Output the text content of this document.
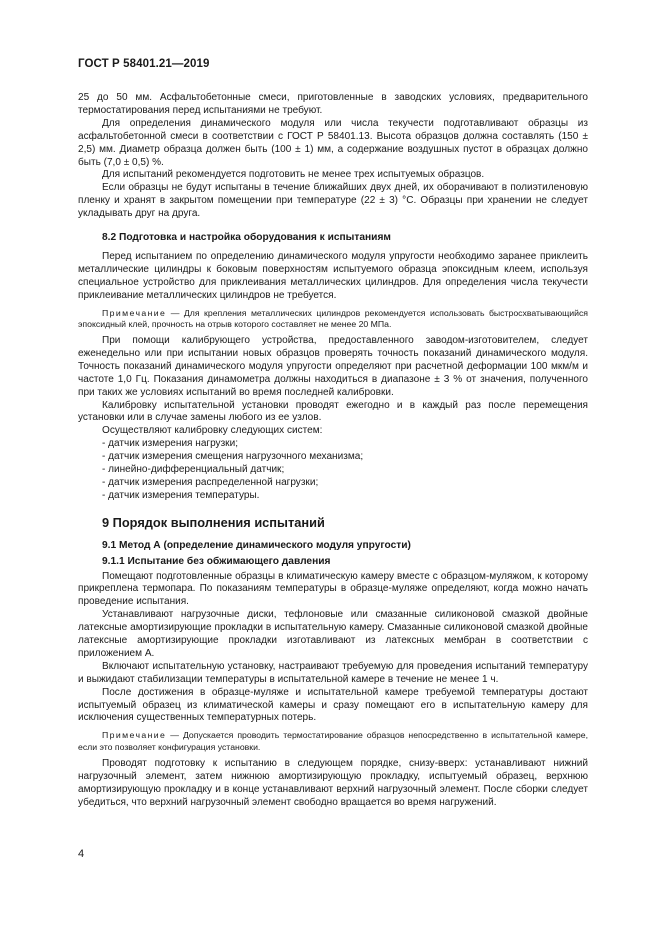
ГОСТ Р 58401.21—2019

25 до 50 мм. Асфальтобетонные смеси, приготовленные в заводских условиях, предварительного термостатирования перед испытаниями не требуют.

Для определения динамического модуля или числа текучести подготавливают образцы из асфальтобетонной смеси в соответствии с ГОСТ Р 58401.13. Высота образцов должна составлять (150 ± 2,5) мм. Диаметр образца должен быть (100 ± 1) мм, а содержание воздушных пустот в образцах должно быть (7,0 ± 0,5) %.

Для испытаний рекомендуется подготовить не менее трех испытуемых образцов.

Если образцы не будут испытаны в течение ближайших двух дней, их оборачивают в полиэтиленовую пленку и хранят в закрытом помещении при температуре (22 ± 3) °С. Образцы при хранении не следует укладывать друг на друга.

8.2 Подготовка и настройка оборудования к испытаниям

Перед испытанием по определению динамического модуля упругости необходимо заранее приклеить металлические цилиндры к боковым поверхностям испытуемого образца эпоксидным клеем, используя специальное устройство для приклеивания металлических цилиндров. Для определения числа текучести приклеивание металлических цилиндров не требуется.

Примечание — Для крепления металлических цилиндров рекомендуется использовать быстросхватывающийся эпоксидный клей, прочность на отрыв которого составляет не менее 20 МПа.

При помощи калибрующего устройства, предоставленного заводом-изготовителем, следует еженедельно или при испытании новых образцов проверять точность показаний динамического модуля. Точность показаний динамического модуля упругости определяют при расчетной деформации 100 мкм/м и частоте 1,0 Гц. Показания динамометра должны находиться в диапазоне ± 3 % от значения, полученного при таких же условиях испытаний во время последней калибровки.

Калибровку испытательной установки проводят ежегодно и в каждый раз после перемещения установки или в случае замены любого из ее узлов.

Осуществляют калибровку следующих систем:

- датчик измерения нагрузки;
- датчик измерения смещения нагрузочного механизма;
- линейно-дифференциальный датчик;
- датчик измерения распределенной нагрузки;
- датчик измерения температуры.

9 Порядок выполнения испытаний

9.1 Метод А (определение динамического модуля упругости)

9.1.1 Испытание без обжимающего давления

Помещают подготовленные образцы в климатическую камеру вместе с образцом-муляжом, к которому прикреплена термопара. По показаниям температуры в образце-муляже определяют, когда можно начать проведение испытания.

Устанавливают нагрузочные диски, тефлоновые или смазанные силиконовой смазкой двойные латексные амортизирующие прокладки в испытательную камеру. Смазанные силиконовой смазкой двойные латексные амортизирующие прокладки изготавливают из латексных мембран в соответствии с приложением А.

Включают испытательную установку, настраивают требуемую для проведения испытаний температуру и выжидают стабилизации температуры в испытательной камере в течение не менее 1 ч.

После достижения в образце-муляже и испытательной камере требуемой температуры достают испытуемый образец из климатической камеры и сразу помещают его в испытательную камеру для исключения существенных температурных потерь.

Примечание — Допускается проводить термостатирование образцов непосредственно в испытательной камере, если это позволяет конфигурация установки.

Проводят подготовку к испытанию в следующем порядке, снизу-вверх: устанавливают нижний нагрузочный элемент, затем нижнюю амортизирующую прокладку, испытуемый образец, верхнюю амортизирующую прокладку и в конце устанавливают верхний нагрузочный элемент. После сборки следует убедиться, что верхний нагрузочный элемент свободно вращается во время нагружений.

4
